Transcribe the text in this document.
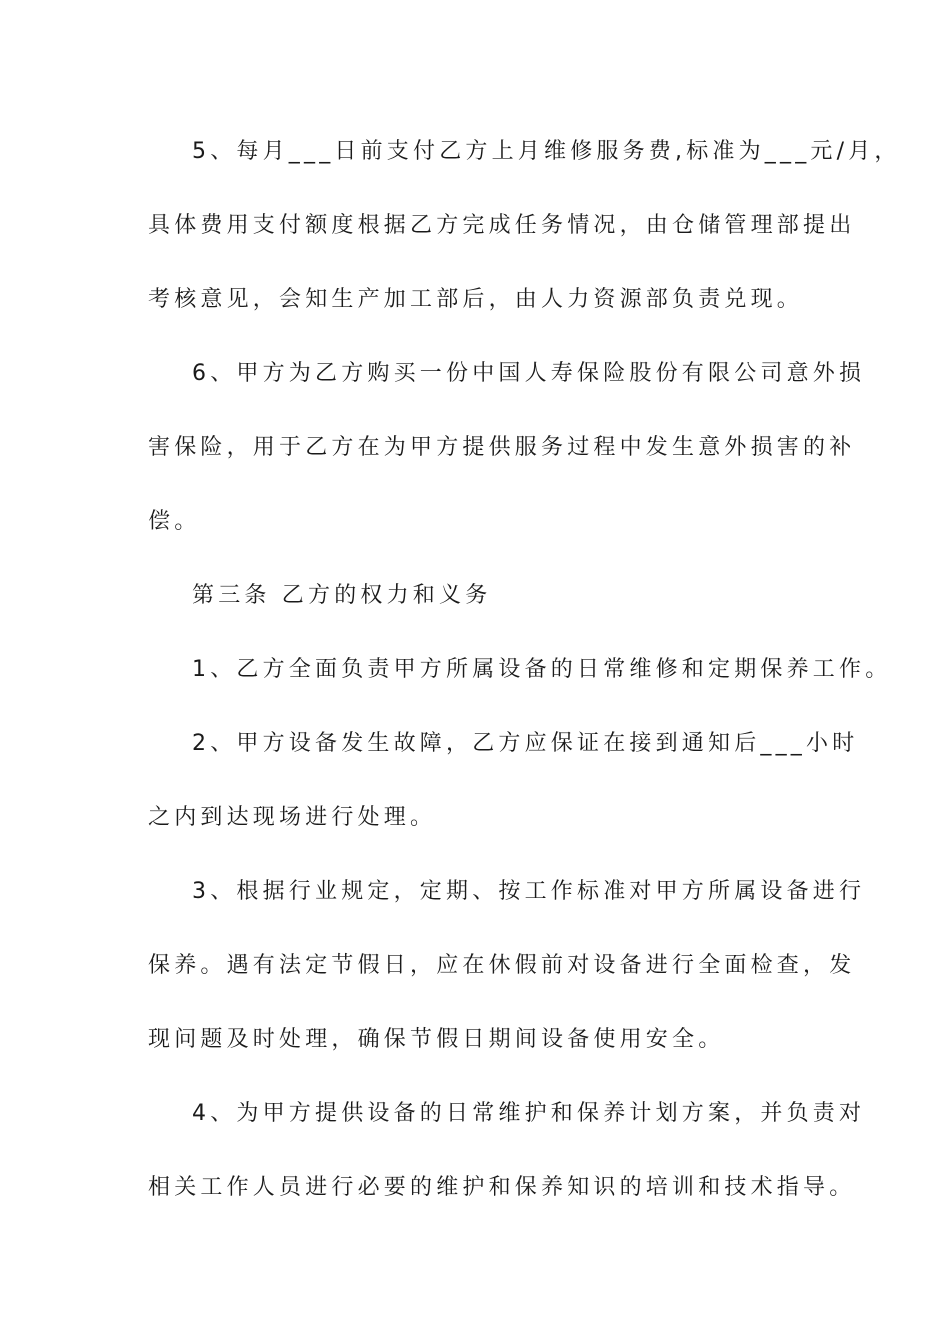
5、每月___日前支付乙方上月维修服务费,标准为___元/月，
具体费用支付额度根据乙方完成任务情况，由仓储管理部提出
考核意见，会知生产加工部后，由人力资源部负责兑现。
6、甲方为乙方购买一份中国人寿保险股份有限公司意外损
害保险，用于乙方在为甲方提供服务过程中发生意外损害的补
偿。
第三条 乙方的权力和义务
1、乙方全面负责甲方所属设备的日常维修和定期保养工作。
2、甲方设备发生故障，乙方应保证在接到通知后___小时
之内到达现场进行处理。
3、根据行业规定，定期、按工作标准对甲方所属设备进行
保养。遇有法定节假日，应在休假前对设备进行全面检查，发
现问题及时处理，确保节假日期间设备使用安全。
4、为甲方提供设备的日常维护和保养计划方案，并负责对
相关工作人员进行必要的维护和保养知识的培训和技术指导。
